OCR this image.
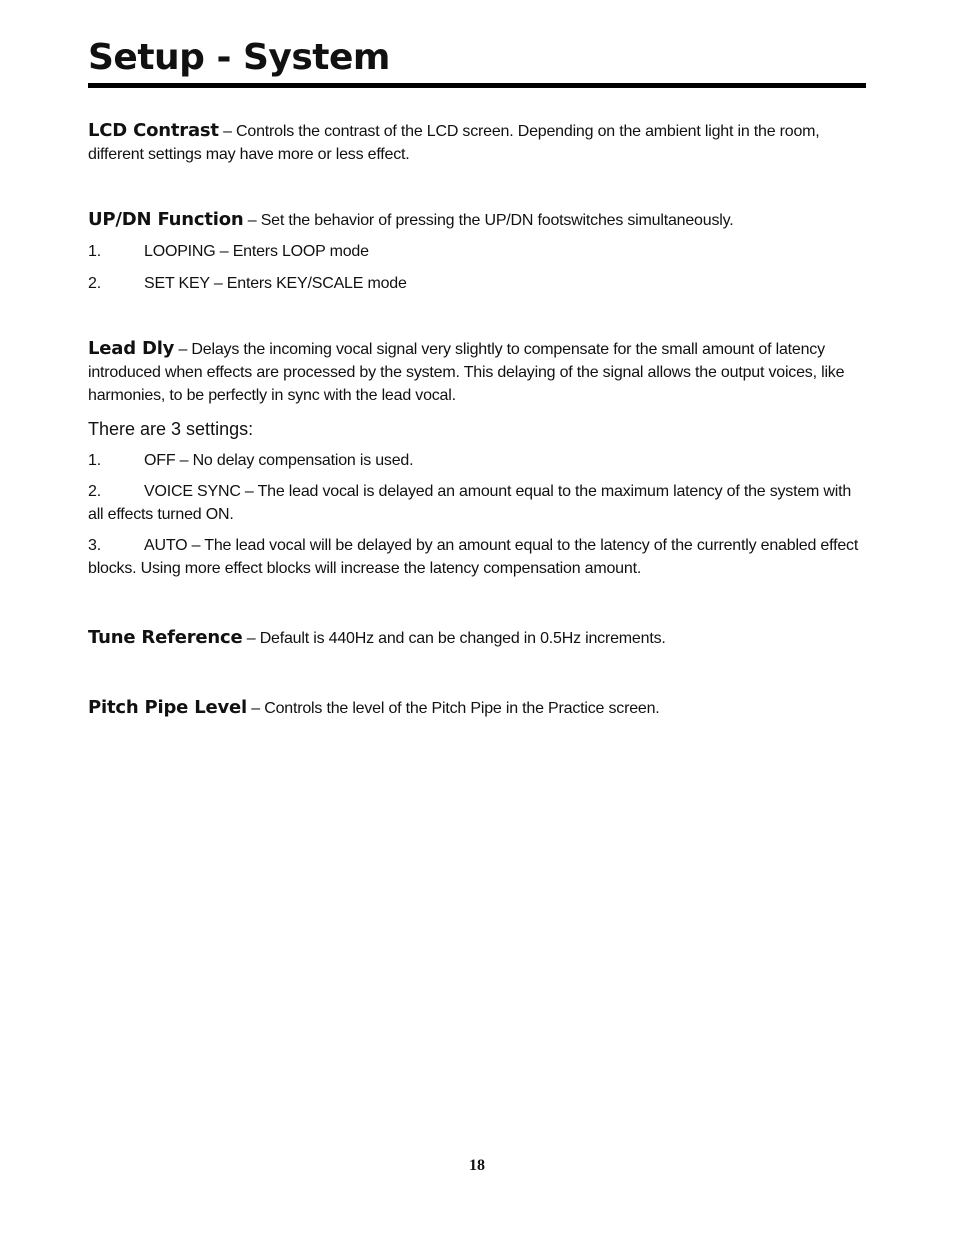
Setup - System

LCD Contrast – Controls the contrast of the LCD screen. Depending on the ambient light in the room, different settings may have more or less effect.

UP/DN Function – Set the behavior of pressing the UP/DN footswitches simultaneously.

1.	LOOPING – Enters LOOP mode

2.	SET KEY – Enters KEY/SCALE mode

Lead Dly – Delays the incoming vocal signal very slightly to compensate for the small amount of latency introduced when effects are processed by the system. This delaying of the signal allows the output voices, like harmonies, to be perfectly in sync with the lead vocal.

There are 3 settings:

1.	OFF – No delay compensation is used.

2.	VOICE SYNC – The lead vocal is delayed an amount equal to the maximum latency of the system with all effects turned ON.

3.	AUTO – The lead vocal will be delayed by an amount equal to the latency of the currently enabled effect blocks. Using more effect blocks will increase the latency compensation amount.

Tune Reference – Default is 440Hz and can be changed in 0.5Hz increments.

Pitch Pipe Level – Controls the level of the Pitch Pipe in the Practice screen.

18
